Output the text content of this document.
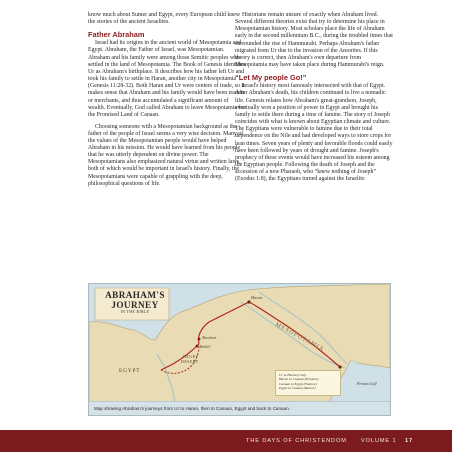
know much about Sumer and Egypt, every European child knew the stories of the ancient Israelites.

Father Abraham

Israel had its origins in the ancient world of Mesopotamia and Egypt. Abraham, the Father of Israel, was Mesopotamian. Abraham and his family were among those Semitic peoples who settled in the land of Mesopotamia. The Book of Genesis identifies Ur as Abraham's birthplace. It describes how his father left Ur and took his family to settle in Haran, another city in Mesopotamia (Genesis 11:28-32). Both Haran and Ur were centers of trade, so it makes sense that Abraham and his family would have been traders or merchants, and thus accumulated a significant amount of wealth. Eventually, God called Abraham to leave Mesopotamia for the Promised Land of Canaan.

Choosing someone with a Mesopotamian background as the father of the people of Israel seems a very wise decision. Many of the values of the Mesopotamian people would have helped Abraham in his mission. He would have learned from his people that he was utterly dependent on divine power. The Mesopotamians also emphasized natural virtue and written laws, both of which would be important in Israel's history. Finally, the Mesopotamians were capable of grappling with the deep, philosophical questions of life.

Historians remain unsure of exactly when Abraham lived. Several different theories exist that try to determine his place in Mesopotamian history. Most scholars place the life of Abraham early in the second millennium B.C., during the troubled times that surrounded the rise of Hammurabi. Perhaps Abraham's father migrated from Ur due to the invasion of the Amorites. If this theory is correct, then Abraham's own departure from Mesopotamia may have taken place during Hammurabi's reign.

“Let My people Go!”

Israel's history most famously intersected with that of Egypt. After Abraham's death, his children continued to live a nomadic life. Genesis relates how Abraham's great-grandson, Joseph, eventually won a position of power in Egypt and brought his family to settle there during a time of famine. The story of Joseph coincides with what is known about Egyptian climate and culture. The Egyptians were vulnerable to famine due to their total dependence on the Nile and had developed ways to store crops for lean times. Seven years of plenty and favorable floods could easily have been followed by years of drought and famine. Joseph's prophecy of these events would have increased his esteem among the Egyptian people. Following the death of Joseph and the accession of a new Pharaoh, who “knew nothing of Joseph” (Exodus 1:8), the Egyptians turned against the Israelite

ABRAHAM'S
JOURNEY
IN THE BIBLE
MESOPOTAMIA
Haran
Shechem
Bethel
NEGEV
DESERT
EGYPT
Persian Gulf
Ur to Haran (Call)
Haran to Canaan (Promise)
Canaan to Egypt (Famine)
Egypt to Canaan (Return)
Map showing Abraham's journeys from Ur to Haran, then to Canaan, Egypt and back to Canaan.
THE DAYS OF CHRISTENDOM	VOLUME 1 17
